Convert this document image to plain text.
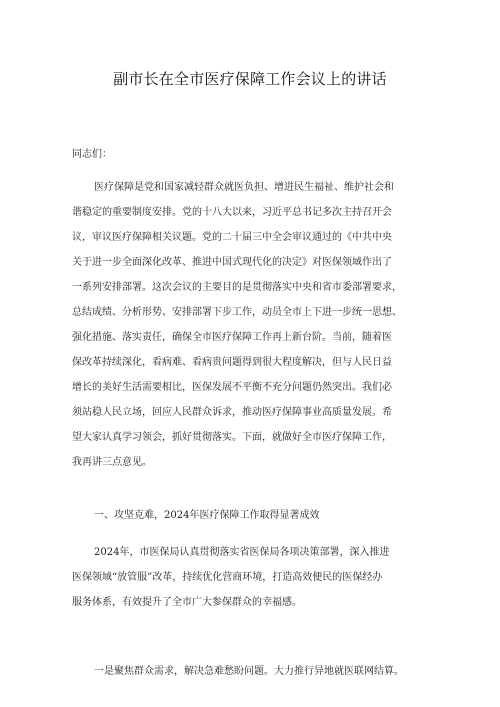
副市长在全市医疗保障工作会议上的讲话
同志们：
医疗保障是党和国家减轻群众就医负担、增进民生福祉、维护社会和
谐稳定的重要制度安排。党的十八大以来，习近平总书记多次主持召开会
议，审议医疗保障相关议题。党的二十届三中全会审议通过的《中共中央
关于进一步全面深化改革、推进中国式现代化的决定》对医保领域作出了
一系列安排部署。这次会议的主要目的是贯彻落实中央和省市委部署要求，
总结成绩、分析形势、安排部署下步工作，动员全市上下进一步统一思想、
强化措施、落实责任，确保全市医疗保障工作再上新台阶。当前，随着医
保改革持续深化，看病难、看病贵问题得到很大程度解决，但与人民日益
增长的美好生活需要相比，医保发展不平衡不充分问题仍然突出。我们必
须站稳人民立场，回应人民群众诉求，推动医疗保障事业高质量发展。希
望大家认真学习领会，抓好贯彻落实。下面，就做好全市医疗保障工作，
我再讲三点意见。
一、攻坚克难，2024年医疗保障工作取得显著成效
2024年，市医保局认真贯彻落实省医保局各项决策部署，深入推进
医保领域“放管服”改革，持续优化营商环境，打造高效便民的医保经办
服务体系，有效提升了全市广大参保群众的幸福感。
一是聚焦群众需求，解决急难愁盼问题。大力推行异地就医联网结算。
